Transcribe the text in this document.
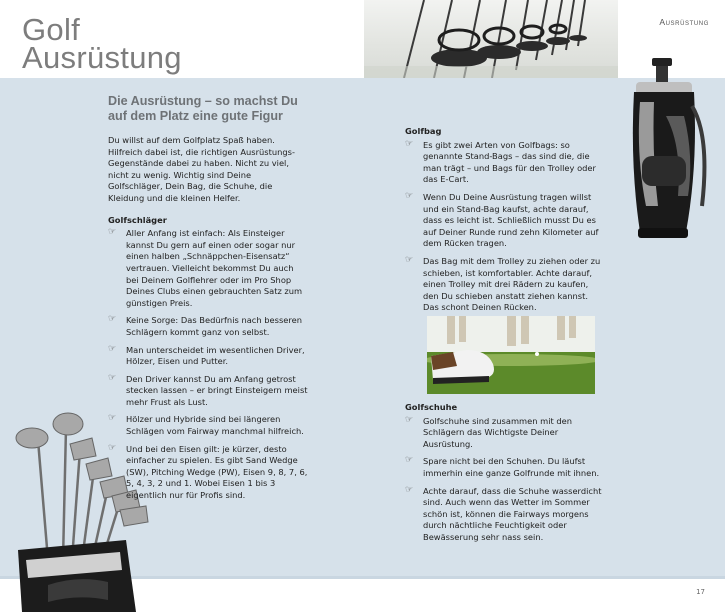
Golf
Ausrüstung
Ausrüstung
Die Ausrüstung – so machst Du auf dem Platz eine gute Figur

Du willst auf dem Golfplatz Spaß haben. Hilfreich dabei ist, die richtigen Ausrüstungs-Gegenstände dabei zu haben. Nicht zu viel, nicht zu wenig. Wichtig sind Deine Golfschläger, Dein Bag, die Schuhe, die Kleidung und die kleinen Helfer.

Golfschläger
☞ Aller Anfang ist einfach: Als Einsteiger kannst Du gern auf einen oder sogar nur einen halben „Schnäppchen-Eisensatz“ vertrauen. Vielleicht bekommst Du auch bei Deinem Golflehrer oder im Pro Shop Deines Clubs einen gebrauchten Satz zum günstigen Preis.
☞ Keine Sorge: Das Bedürfnis nach besseren Schlägern kommt ganz von selbst.
☞ Man unterscheidet im wesentlichen Driver, Hölzer, Eisen und Putter.
☞ Den Driver kannst Du am Anfang getrost stecken lassen – er bringt Einsteigern meist mehr Frust als Lust.
☞ Hölzer und Hybride sind bei längeren Schlägen vom Fairway manchmal hilfreich.
☞ Und bei den Eisen gilt: je kürzer, desto einfacher zu spielen. Es gibt Sand Wedge (SW), Pitching Wedge (PW), Eisen 9, 8, 7, 6, 5, 4, 3, 2 und 1. Wobei Eisen 1 bis 3 eigentlich nur für Profis sind.
Golfbag
☞ Es gibt zwei Arten von Golfbags: so genannte Stand-Bags – das sind die, die man trägt – und Bags für den Trolley oder das E-Cart.
☞ Wenn Du Deine Ausrüstung tragen willst und ein Stand-Bag kaufst, achte darauf, dass es leicht ist. Schließlich musst Du es auf Deiner Runde rund zehn Kilometer auf dem Rücken tragen.
☞ Das Bag mit dem Trolley zu ziehen oder zu schieben, ist komfortabler. Achte darauf, einen Trolley mit drei Rädern zu kaufen, den Du schieben anstatt ziehen kannst. Das schont Deinen Rücken.
Golfschuhe
☞ Golfschuhe sind zusammen mit den Schlägern das Wichtigste Deiner Ausrüstung.
☞ Spare nicht bei den Schuhen. Du läufst immerhin eine ganze Golfrunde mit ihnen.
☞ Achte darauf, dass die Schuhe wasserdicht sind. Auch wenn das Wetter im Sommer schön ist, können die Fairways morgens durch nächtliche Feuchtigkeit oder Bewässerung sehr nass sein.
17
